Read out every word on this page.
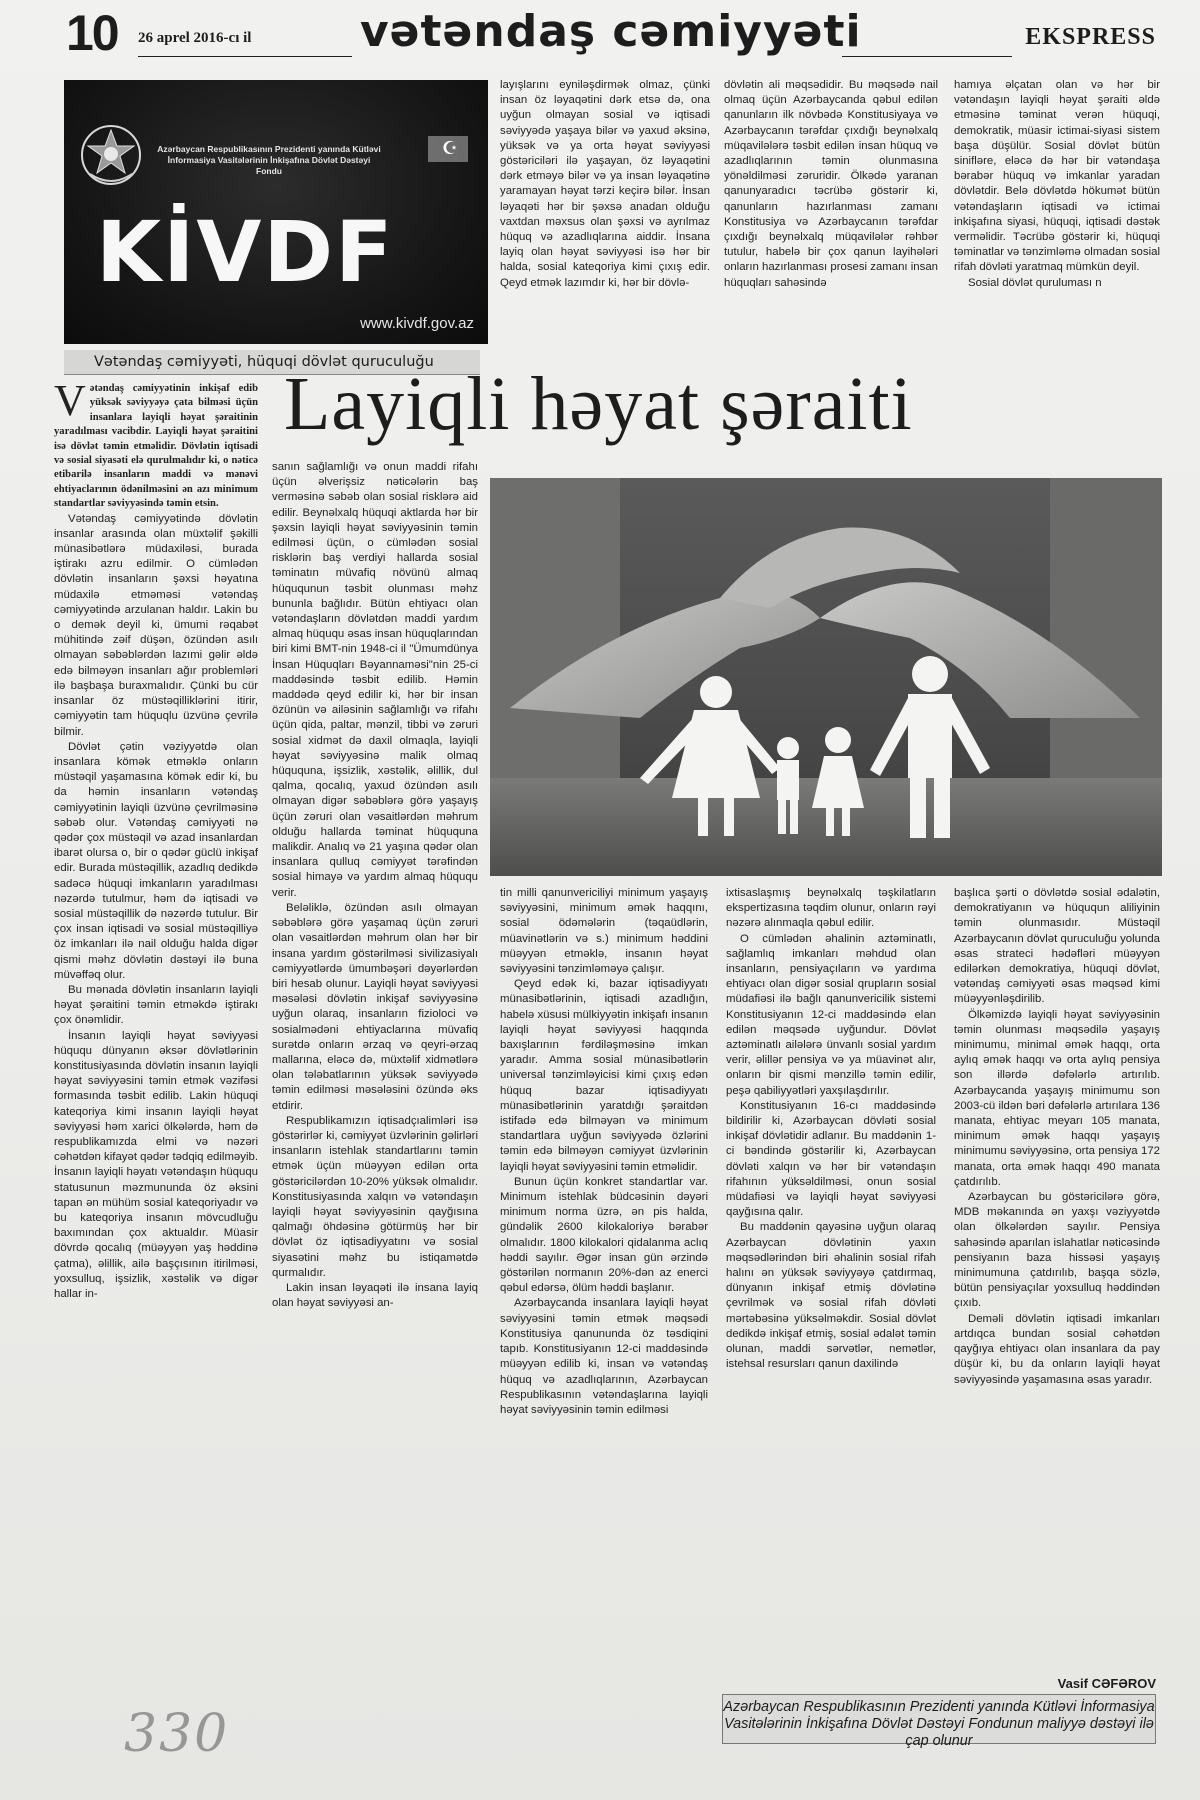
10 26 aprel 2016-cı il vətəndaş cəmiyyəti	EKSPRESS
Azərbaycan Respublikasının Prezidenti yanında Kütləvi İnformasiya Vasitələrinin İnkişafına Dövlət Dəstəyi Fondu
☪
KİVDF
www.kivdf.gov.az
Vətəndaş cəmiyyəti, hüquqi dövlət quruculuğu

layışlarını eyniləşdirmək olmaz, çünki insan öz ləyaqətini dərk etsə də, ona uyğun olmayan sosial və iqtisadi səviyyədə yaşaya bilər və yaxud əksinə, yüksək və ya orta həyat səviyyəsi göstəriciləri ilə yaşayan, öz ləyaqətini dərk etməyə bilər və ya insan ləyaqətinə yaramayan həyat tərzi keçirə bilər. İnsan ləyaqəti hər bir şəxsə anadan olduğu vaxtdan məxsus olan şəxsi və ayrılmaz hüquq və azadlıqlarına aiddir. İnsana layiq olan həyat səviyyəsi isə hər bir halda, sosial kateqoriya kimi çıxış edir. Qeyd etmək lazımdır ki, hər bir dövlə-

dövlətin ali məqsədidir. Bu məqsədə nail olmaq üçün Azərbaycanda qəbul edilən qanunların ilk növbədə Konstitusiyaya və Azərbaycanın tərəfdar çıxdığı beynəlxalq müqavilələrə təsbit edilən insan hüquq və azadlıqlarının təmin olunmasına yönəldilməsi zəruridir. Ölkədə yaranan qanunyaradıcı təcrübə göstərir ki, qanunların hazırlanması zamanı Konstitusiya və Azərbaycanın tərəfdar çıxdığı beynəlxalq müqavilələr rəhbər tutulur, habelə bir çox qanun layihələri onların hazırlanması prosesi zamanı insan hüquqları sahəsində

hamıya əlçatan olan və hər bir vətəndaşın layiqli həyat şəraiti əldə etməsinə təminat verən hüquqi, demokratik, müasir ictimai-siyasi sistem başa düşülür. Sosial dövlət bütün sinifləre, eləcə də hər bir vətəndaşa bərabər hüquq və imkanlar yaradan dövlətdir. Belə dövlətdə hökumət bütün vətəndaşların iqtisadi və ictimai inkişafına siyasi, hüquqi, iqtisadi dəstək verməlidir. Təcrübə göstərir ki, hüquqi təminatlar və tənzimləmə olmadan sosial rifah dövləti yaratmaq mümkün deyil.

Sosial dövlət quruluması n

Layiqli həyat şəraiti
V ətəndaş cəmiyyətinin inkişaf edib yüksək səviyyəyə çata bilməsi üçün insanlara layiqli həyat şəraitinin yaradılması vacibdir. Layiqli həyat şəraitini isə dövlət təmin etməlidir. Dövlətin iqtisadi və sosial siyasəti elə qurulmalıdır ki, o nəticə etibarilə insanların maddi və mənəvi ehtiyaclarının ödənilməsini ən azı minimum standartlar səviyyəsində təmin etsin.

Vətəndaş cəmiyyətində dövlətin insanlar arasında olan müxtəlif şəkilli münasibətlərə müdaxiləsi, burada iştirakı azru edilmir. O cümlədən dövlətin insanların şəxsi həyatına müdaxilə etməməsi vətəndaş cəmiyyətində arzulanan haldır. Lakin bu o demək deyil ki, ümumi rəqabət mühitində zəif düşən, özündən asılı olmayan səbəblərdən lazımi gəlir əldə edə bilməyən insanları ağır problemləri ilə başbaşa buraxmalıdır. Çünki bu cür insanlar öz müstəqilliklərini itirir, cəmiyyətin tam hüquqlu üzvünə çevrilə bilmir.

Dövlət çətin vəziyyətdə olan insanlara kömək etməklə onların müstəqil yaşamasına kömək edir ki, bu da həmin insanların vətəndaş cəmiyyətinin layiqli üzvünə çevrilməsinə səbəb olur. Vətəndaş cəmiyyəti nə qədər çox müstəqil və azad insanlardan ibarət olursa o, bir o qədər güclü inkişaf edir. Burada müstəqillik, azadlıq dedikdə sadəcə hüquqi imkanların yaradılması nəzərdə tutulmur, həm də iqtisadi və sosial müstəqillik də nəzərdə tutulur. Bir çox insan iqtisadi və sosial müstəqilliyə öz imkanları ilə nail olduğu halda digər qismi məhz dövlətin dəstəyi ilə buna müvəffəq olur.

Bu mənada dövlətin insanların layiqli həyat şəraitini təmin etməkdə iştirakı çox önəmlidir.

İnsanın layiqli həyat səviyyəsi hüququ dünyanın əksər dövlətlərinin konstitusiyasında dövlətin insanın layiqli həyat səviyyəsini təmin etmək vəzifəsi formasında təsbit edilib. Lakin hüquqi kateqoriya kimi insanın layiqli həyat səviyyəsi həm xarici ölkələrdə, həm də respublikamızda elmi və nəzəri cəhətdən kifayət qədər tədqiq edilməyib. İnsanın layiqli həyatı vətəndaşın hüququ statusunun məzmununda öz əksini tapan ən mühüm sosial kateqoriyadır və bu kateqoriya insanın mövcudluğu baxımından çox aktualdır. Müasir dövrdə qocalıq (müəyyən yaş həddinə çatma), əlillik, ailə başçısının itirilməsi, yoxsulluq, işsizlik, xəstəlik və digər hallar in-

sanın sağlamlığı və onun maddi rifahı üçün əlverişsiz nəticələrin baş verməsinə səbəb olan sosial risklərə aid edilir. Beynəlxalq hüquqi aktlarda hər bir şəxsin layiqli həyat səviyyəsinin təmin edilməsi üçün, o cümlədən sosial risklərin baş verdiyi hallarda sosial təminatın müvafiq növünü almaq hüququnun təsbit olunması məhz bununla bağlıdır. Bütün ehtiyacı olan vətəndaşların dövlətdən maddi yardım almaq hüququ əsas insan hüquqlarından biri kimi BMT-nin 1948-ci il "Ümumdünya İnsan Hüquqları Bəyannaməsi"nin 25-ci maddəsində təsbit edilib. Həmin maddədə qeyd edilir ki, hər bir insan özünün və ailəsinin sağlamlığı və rifahı üçün qida, paltar, mənzil, tibbi və zəruri sosial xidmət də daxil olmaqla, layiqli həyat səviyyəsinə malik olmaq hüququna, işsizlik, xəstəlik, əlillik, dul qalma, qocalıq, yaxud özündən asılı olmayan digər səbəblərə görə yaşayış üçün zəruri olan vəsaitlərdən məhrum olduğu hallarda təminat hüququna malikdir. Analıq və 21 yaşına qədər olan insanlara qulluq cəmiyyət tərəfindən sosial himayə və yardım almaq hüququ verir.

Beləliklə, özündən asılı olmayan səbəblərə görə yaşamaq üçün zəruri olan vəsaitlərdən məhrum olan hər bir insana yardım göstərilməsi sivilizasiyalı cəmiyyətlərdə ümumbəşəri dəyərlərdən biri hesab olunur. Layiqli həyat səviyyəsi məsələsi dövlətin inkişaf səviyyəsinə uyğun olaraq, insanların fizioloci və sosialmədəni ehtiyaclarına müvafiq surətdə onların ərzaq və qeyri-ərzaq mallarına, eləcə də, müxtəlif xidmətlərə olan tələbatlarının yüksək səviyyədə təmin edilməsi məsələsini özündə əks etdirir.

Respublikamızın iqtisadçıalimləri isə göstərirlər ki, cəmiyyət üzvlərinin gəlirləri insanların istehlak standartlarını təmin etmək üçün müəyyən edilən orta göstəricilərdən 10-20% yüksək olmalıdır. Konstitusiyasında xalqın və vətəndaşın layiqli həyat səviyyəsinin qayğısına qalmağı öhdəsinə götürmüş hər bir dövlət öz iqtisadiyyatını və sosial siyasətini məhz bu istiqamətdə qurmalıdır.

Lakin insan ləyaqəti ilə insana layiq olan həyat səviyyəsi an-

tin milli qanunvericiliyi minimum yaşayış səviyyəsini, minimum əmək haqqını, sosial ödəmələrin (təqaüdlərin, müavinətlərin və s.) minimum həddini müəyyən etməklə, insanın həyat səviyyəsini tənzimləməyə çalışır.

Qeyd edək ki, bazar iqtisadiyyatı münasibətlərinin, iqtisadi azadlığın, habelə xüsusi mülkiyyətin inkişafı insanın layiqli həyat səviyyəsi haqqında baxışlarının fərdiləşməsinə imkan yaradır. Amma sosial münasibətlərin universal tənzimləyicisi kimi çıxış edən hüquq bazar iqtisadiyyatı münasibətlərinin yaratdığı şəraitdən istifadə edə bilməyən və minimum standartlara uyğun səviyyədə özlərini təmin edə bilməyən cəmiyyət üzvlərinin layiqli həyat səviyyəsini təmin etməlidir.

Bunun üçün konkret standartlar var. Minimum istehlak büdcəsinin dəyəri minimum norma üzrə, ən pis halda, gündəlik 2600 kilokaloriyə bərabər olmalıdır. 1800 kilokalori qidalanma aclıq həddi sayılır. Əgər insan gün ərzində göstərilən normanın 20%-dən az enerci qəbul edərsə, ölüm həddi başlanır.

Azərbaycanda insanlara layiqli həyat səviyyəsini təmin etmək məqsədi Konstitusiya qanununda öz təsdiqini tapıb. Konstitusiyanın 12-ci maddəsində müəyyən edilib ki, insan və vətəndaş hüquq və azadlıqlarının, Azərbaycan Respublikasının vətəndaşlarına layiqli həyat səviyyəsinin təmin edilməsi

ixtisaslaşmış beynəlxalq təşkilatların ekspertizasına təqdim olunur, onların rəyi nəzərə alınmaqla qəbul edilir.

O cümlədən əhalinin aztəminatlı, sağlamlıq imkanları məhdud olan insanların, pensiyaçıların və yardıma ehtiyacı olan digər sosial qrupların sosial müdafiəsi ilə bağlı qanunvericilik sistemi Konstitusiyanın 12-ci maddəsində elan edilən məqsədə uyğundur. Dövlət aztəminatlı ailələrə ünvanlı sosial yardım verir, əlillər pensiya və ya müavinət alır, onların bir qismi mənzillə təmin edilir, peşə qabiliyyətləri yaxşılaşdırılır.

Konstitusiyanın 16-cı maddəsində bildirilir ki, Azərbaycan dövləti sosial inkişaf dövlətidir adlanır. Bu maddənin 1-ci bəndində göstərilir ki, Azərbaycan dövləti xalqın və hər bir vətəndaşın rifahının yüksəldilməsi, onun sosial müdafiəsi və layiqli həyat səviyyəsi qayğısına qalır.

Bu maddənin qayəsinə uyğun olaraq Azərbaycan dövlətinin yaxın məqsədlərindən biri əhalinin sosial rifah halını ən yüksək səviyyəyə çatdırmaq, dünyanın inkişaf etmiş dövlətinə çevrilmək və sosial rifah dövləti mərtəbəsinə yüksəlməkdir. Sosial dövlət dedikdə inkişaf etmiş, sosial ədalət təmin olunan, maddi sərvətlər, nemətlər, istehsal resursları qanun daxilində

başlıca şərti o dövlətdə sosial ədalətin, demokratiyanın və hüququn aliliyinin təmin olunmasıdır. Müstəqil Azərbaycanın dövlət quruculuğu yolunda əsas strateci hədəfləri müəyyən edilərkən demokratiya, hüquqi dövlət, vətəndaş cəmiyyəti əsas məqsəd kimi müəyyənləşdirilib.

Ölkəmizdə layiqli həyat səviyyəsinin təmin olunması məqsədilə yaşayış minimumu, minimal əmək haqqı, orta aylıq əmək haqqı və orta aylıq pensiya son illərdə dəfələrlə artırılıb. Azərbaycanda yaşayış minimumu son 2003-cü ildən bəri dəfələrlə artırılara 136 manata, ehtiyac meyarı 105 manata, minimum əmək haqqı yaşayış minimumu səviyyəsinə, orta pensiya 172 manata, orta əmək haqqı 490 manata çatdırılıb.

Azərbaycan bu göstəricilərə görə, MDB məkanında ən yaxşı vəziyyətdə olan ölkələrdən sayılır. Pensiya sahəsində aparılan islahatlar nəticəsində pensiyanın baza hissəsi yaşayış minimumuna çatdırılıb, başqa sözlə, bütün pensiyaçılar yoxsulluq həddindən çıxıb.

Deməli dövlətin iqtisadi imkanları artdıqca bundan sosial cəhətdən qayğıya ehtiyacı olan insanlara da pay düşür ki, bu da onların layiqli həyat səviyyəsində yaşamasına əsas yaradır.

Vasif CƏFƏROV
Azərbaycan Respublikasının Prezidenti yanında Kütləvi İnformasiya Vasitələrinin İnkişafına Dövlət Dəstəyi Fondunun maliyyə dəstəyi ilə çap olunur
330
